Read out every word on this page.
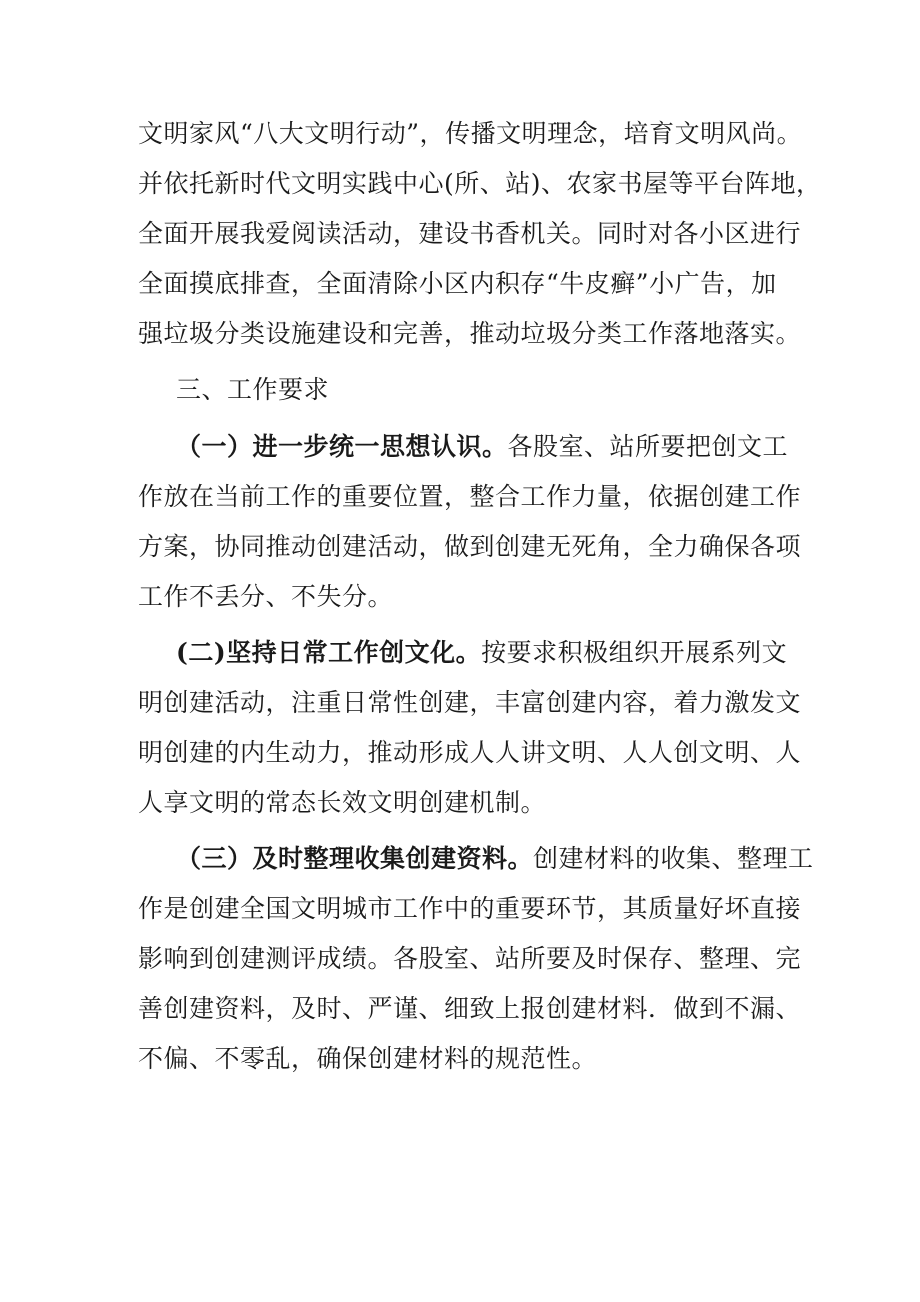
文明家风“八大文明行动”，传播文明理念，培育文明风尚。
并依托新时代文明实践中心(所、站)、农家书屋等平台阵地，
全面开展我爱阅读活动，建设书香机关。同时对各小区进行
全面摸底排查，全面清除小区内积存“牛皮癣”小广告，加
强垃圾分类设施建设和完善，推动垃圾分类工作落地落实。
三、工作要求
（一）进一步统一思想认识。各股室、站所要把创文工
作放在当前工作的重要位置，整合工作力量，依据创建工作
方案，协同推动创建活动，做到创建无死角，全力确保各项
工作不丢分、不失分。
(二)坚持日常工作创文化。按要求积极组织开展系列文
明创建活动，注重日常性创建，丰富创建内容，着力激发文
明创建的内生动力，推动形成人人讲文明、人人创文明、人
人享文明的常态长效文明创建机制。
（三）及时整理收集创建资料。创建材料的收集、整理工
作是创建全国文明城市工作中的重要环节，其质量好坏直接
影响到创建测评成绩。各股室、站所要及时保存、整理、完
善创建资料，及时、严谨、细致上报创建材料．做到不漏、
不偏、不零乱，确保创建材料的规范性。
